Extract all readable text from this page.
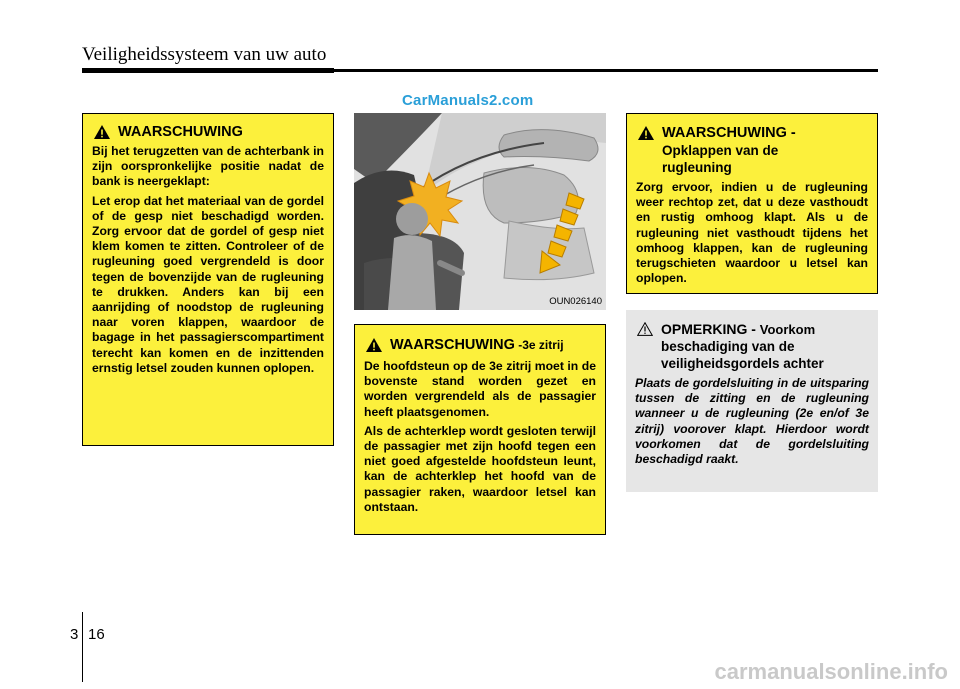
Veiligheidssysteem van uw auto
CarManuals2.com
WAARSCHUWING

Bij het terugzetten van de achterbank in zijn oorspronkelijke positie nadat de bank is neergeklapt:

Let erop dat het materiaal van de gordel of de gesp niet beschadigd worden. Zorg ervoor dat de gordel of gesp niet klem komen te zitten. Controleer of de rugleuning goed vergrendeld is door tegen de bovenzijde van de rugleuning te drukken. Anders kan bij een aanrijding of noodstop de rugleuning naar voren klappen, waardoor de bagage in het passagierscompartiment terecht kan komen en de inzittenden ernstig letsel zouden kunnen oplopen.

OUN026140
WAARSCHUWING -3e zitrij

De hoofdsteun op de 3e zitrij moet in de bovenste stand worden gezet en worden vergrendeld als de passagier heeft plaatsgenomen.

Als de achterklep wordt gesloten terwijl de passagier met zijn hoofd tegen een niet goed afgestelde hoofdsteun leunt, kan de achterklep het hoofd van de passagier raken, waardoor letsel kan ontstaan.

WAARSCHUWING -
Opklappen van de
rugleuning

Zorg ervoor, indien u de rugleuning weer rechtop zet, dat u deze vasthoudt en rustig omhoog klapt. Als u de rugleuning niet vasthoudt tijdens het omhoog klappen, kan de rugleuning terugschieten waardoor u letsel kan oplopen.

OPMERKING - Voorkom
beschadiging van de
veiligheidsgordels achter

Plaats de gordelsluiting in de uitsparing tussen de zitting en de rugleuning wanneer u de rugleuning (2e en/of 3e zitrij) voorover klapt. Hierdoor wordt voorkomen dat de gordelsluiting beschadigd raakt.

3 16
carmanualsonline.info
